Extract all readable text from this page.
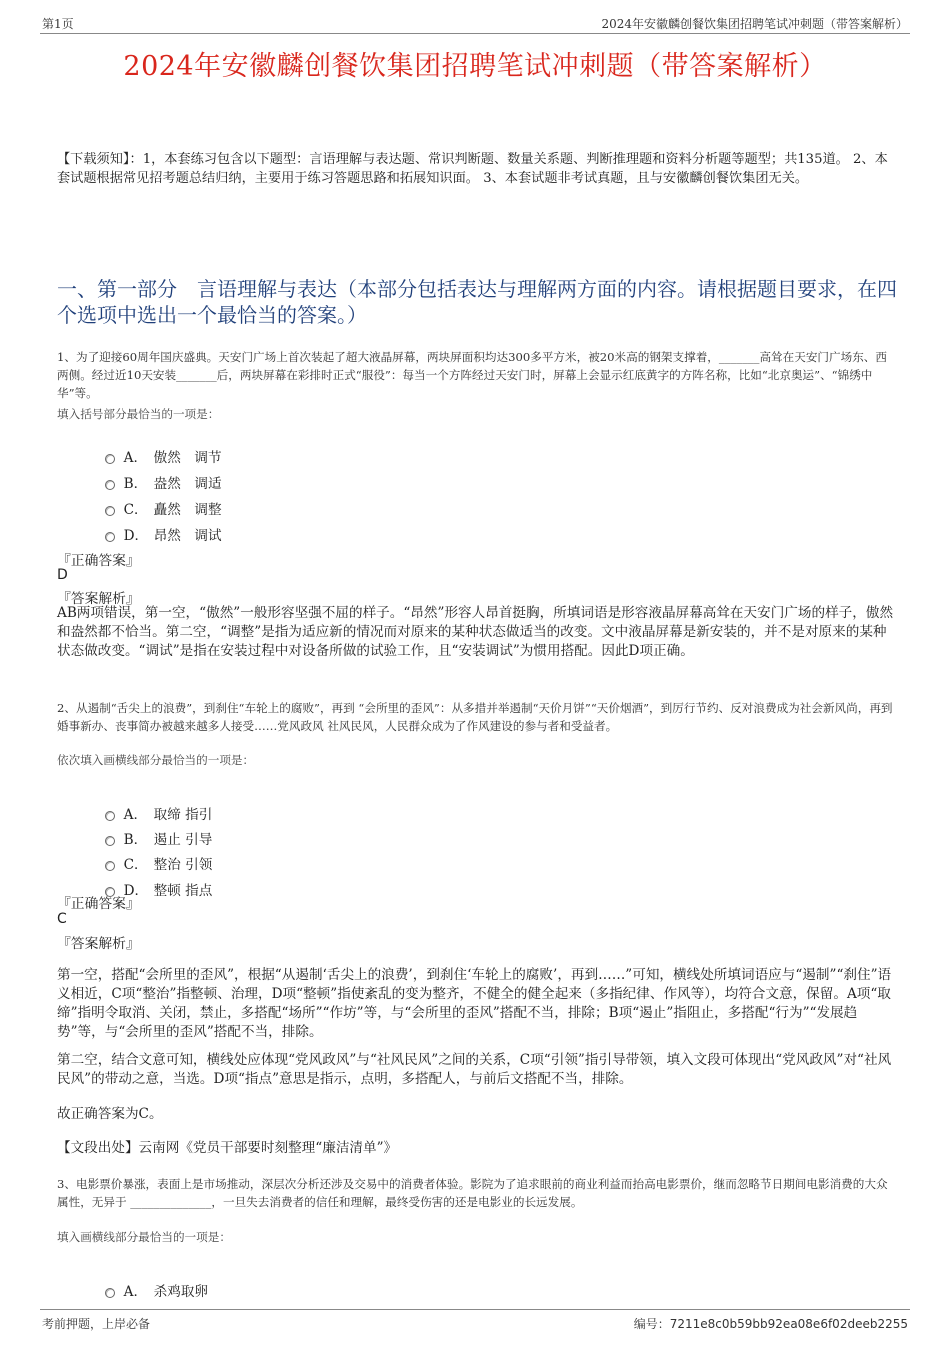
第1页	2024年安徽麟创餐饮集团招聘笔试冲刺题（带答案解析）
2024年安徽麟创餐饮集团招聘笔试冲刺题（带答案解析）
【下载须知】：1，本套练习包含以下题型：言语理解与表达题、常识判断题、数量关系题、判断推理题和资料分析题等题型；共135道。 2、本套试题根据常见招考题总结归纳，主要用于练习答题思路和拓展知识面。 3、本套试题非考试真题，且与安徽麟创餐饮集团无关。
一、第一部分　言语理解与表达（本部分包括表达与理解两方面的内容。请根据题目要求，在四个选项中选出一个最恰当的答案。）
1、为了迎接60周年国庆盛典。天安门广场上首次装起了超大液晶屏幕，两块屏面积均达300多平方米，被20米高的钢架支撑着，_______高耸在天安门广场东、西两侧。经过近10天安装_______后，两块屏幕在彩排时正式“服役”：每当一个方阵经过天安门时，屏幕上会显示红底黄字的方阵名称，比如“北京奥运”、“锦绣中华”等。
填入括号部分最恰当的一项是：

A． 傲然　调节

B． 盎然　调适

C． 矗然　调整

D． 昂然　调试

『正确答案』
D
『答案解析』
AB两项错误，第一空，“傲然”一般形容坚强不屈的样子。“昂然”形容人昂首挺胸，所填词语是形容液晶屏幕高耸在天安门广场的样子，傲然和盎然都不恰当。第二空，“调整”是指为适应新的情况而对原来的某种状态做适当的改变。文中液晶屏幕是新安装的，并不是对原来的某种状态做改变。“调试”是指在安装过程中对设备所做的试验工作，且“安装调试”为惯用搭配。因此D项正确。
2、从遏制“舌尖上的浪费”，到刹住“车轮上的腐败”，再到 “会所里的歪风”：从多措并举遏制“天价月饼”“天价烟酒”，到厉行节约、反对浪费成为社会新风尚，再到婚事新办、丧事简办被越来越多人接受……党风政风 社风民风，人民群众成为了作风建设的参与者和受益者。
依次填入画横线部分最恰当的一项是：

A． 取缔 指引

B． 遏止 引导

C． 整治 引领

D． 整顿 指点

『正确答案』
C
『答案解析』
第一空，搭配“会所里的歪风”，根据“从遏制‘舌尖上的浪费’，到刹住‘车轮上的腐败’，再到……”可知，横线处所填词语应与“遏制”“刹住”语义相近，C项“整治”指整顿、治理，D项“整顿”指使紊乱的变为整齐，不健全的健全起来（多指纪律、作风等），均符合文意，保留。A项“取缔”指明令取消、关闭，禁止，多搭配“场所”“作坊”等，与“会所里的歪风”搭配不当，排除；B项“遏止”指阻止，多搭配“行为”“发展趋势”等，与“会所里的歪风”搭配不当，排除。
第二空，结合文意可知，横线处应体现“党风政风”与“社风民风”之间的关系，C项“引领”指引导带领，填入文段可体现出“党风政风”对“社风民风”的带动之意，当选。D项“指点”意思是指示，点明，多搭配人，与前后文搭配不当，排除。
故正确答案为C。
【文段出处】云南网《党员干部要时刻整理“廉洁清单”》
3、电影票价暴涨，表面上是市场推动，深层次分析还涉及交易中的消费者体验。影院为了追求眼前的商业利益而抬高电影票价，继而忽略节日期间电影消费的大众属性，无异于 ______________，一旦失去消费者的信任和理解，最终受伤害的还是电影业的长远发展。
填入画横线部分最恰当的一项是：

A． 杀鸡取卵

考前押题，上岸必备	编号：7211e8c0b59bb92ea08e6f02deeb2255
